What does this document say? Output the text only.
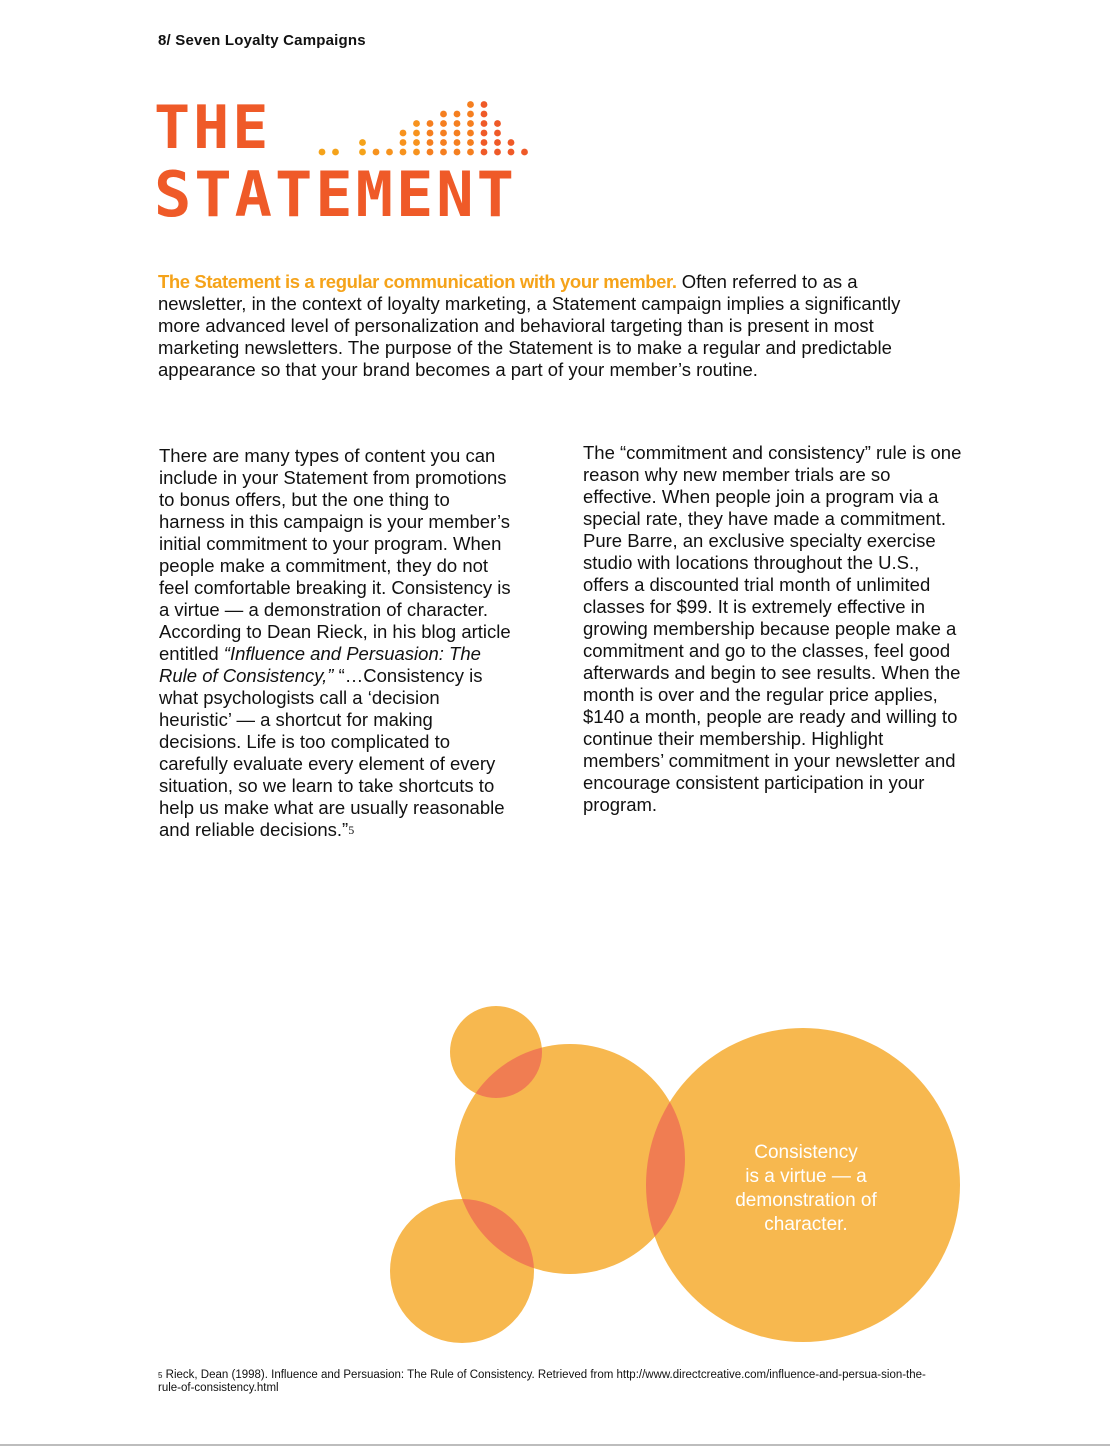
8/ Seven Loyalty Campaigns
THE
STATEMENT
The Statement is a regular communication with your member. Often referred to as a newsletter, in the context of loyalty marketing, a Statement campaign implies a significantly more advanced level of personalization and behavioral targeting than is present in most marketing newsletters. The purpose of the Statement is to make a regular and predictable appearance so that your brand becomes a part of your member’s routine.

There are many types of content you can include in your Statement from promotions to bonus offers, but the one thing to harness in this campaign is your member’s initial commitment to your program. When people make a commitment, they do not feel comfortable breaking it. Consistency is a virtue — a demonstration of character. According to Dean Rieck, in his blog article entitled “Influence and Persuasion: The Rule of Consistency,” “…Consistency is what psychologists call a ‘decision heuristic’ — a shortcut for making decisions. Life is too complicated to carefully evaluate every element of every situation, so we learn to take shortcuts to help us make what are usually reasonable and reliable decisions.”$^5$

The “commitment and consistency” rule is one reason why new member trials are so effective. When people join a program via a special rate, they have made a commitment. Pure Barre, an exclusive specialty exercise studio with locations throughout the U.S., offers a discounted trial month of unlimited classes for $99. It is extremely effective in growing membership because people make a commitment and go to the classes, feel good afterwards and begin to see results. When the month is over and the regular price applies, $140 a month, people are ready and willing to continue their membership. Highlight members’ commitment in your newsletter and encourage consistent participation in your program.

Consistency
is a virtue — a
demonstration of
character.
$^5$ Rieck, Dean (1998). Influence and Persuasion: The Rule of Consistency. Retrieved from http://www.directcreative.com/influence-and-persua-sion-the-rule-of-consistency.html
